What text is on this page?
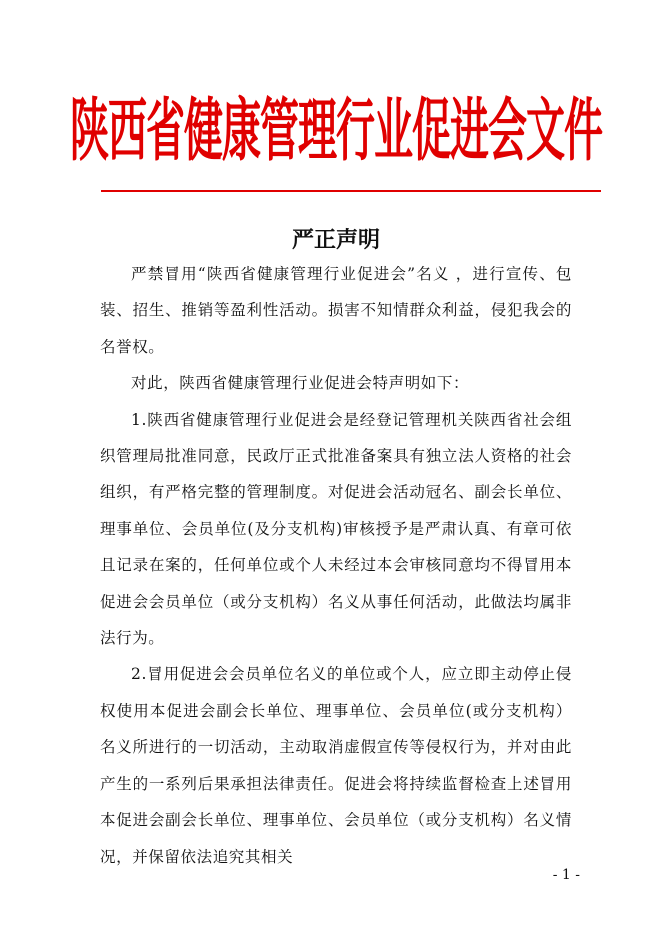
陕西省健康管理行业促进会文件
严正声明

严禁冒用“陕西省健康管理行业促进会”名义 ，进行宣传、包装、招生、推销等盈利性活动。损害不知情群众利益，侵犯我会的名誉权。

对此，陕西省健康管理行业促进会特声明如下：

1.陕西省健康管理行业促进会是经登记管理机关陕西省社会组织管理局批准同意，民政厅正式批准备案具有独立法人资格的社会组织，有严格完整的管理制度。对促进会活动冠名、副会长单位、理事单位、会员单位(及分支机构)审核授予是严肃认真、有章可依且记录在案的，任何单位或个人未经过本会审核同意均不得冒用本促进会会员单位（或分支机构）名义从事任何活动，此做法均属非法行为。

2.冒用促进会会员单位名义的单位或个人，应立即主动停止侵权使用本促进会副会长单位、理事单位、会员单位(或分支机构）名义所进行的一切活动，主动取消虚假宣传等侵权行为，并对由此产生的一系列后果承担法律责任。促进会将持续监督检查上述冒用本促进会副会长单位、理事单位、会员单位（或分支机构）名义情况，并保留依法追究其相关

- 1 -
